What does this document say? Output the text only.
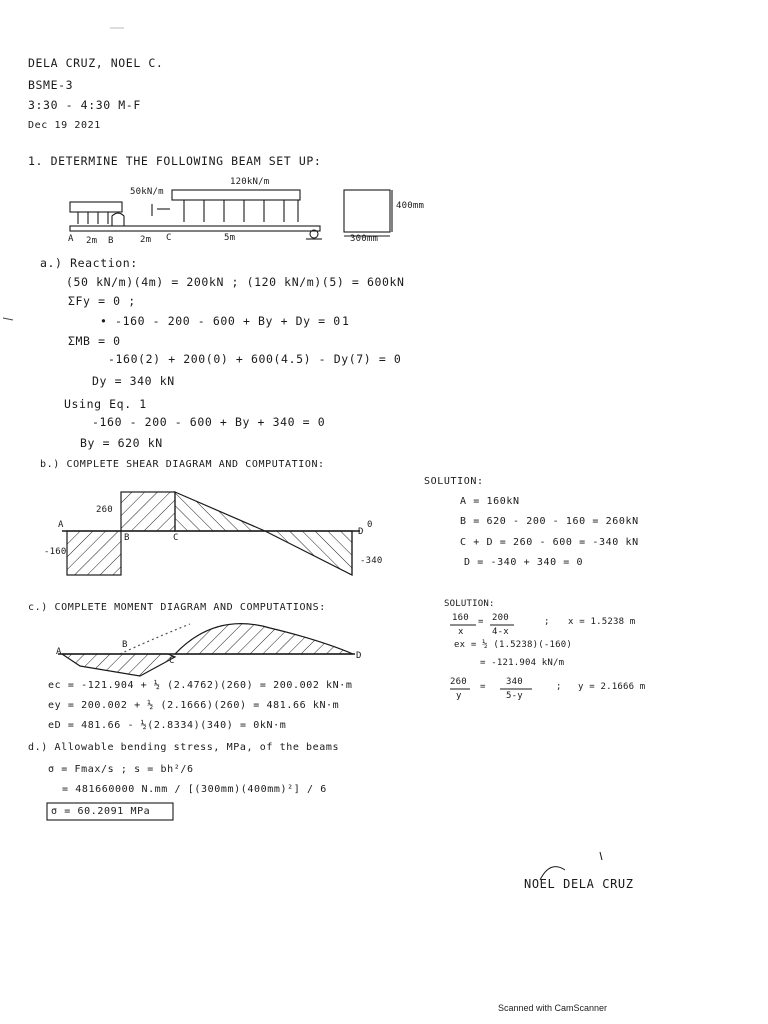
DELA CRUZ, NOEL C.
BSME-3
3:30 - 4:30 M-F
Dec 19 2021
1. DETERMINE THE FOLLOWING BEAM SET UP:
50kN/m
120kN/m
400mm
300mm
A 2m B	2m C	5m
a.) Reaction:
(50 kN/m)(4m) = 200kN ; (120 kN/m)(5) = 600kN
ΣFy = 0 ;
• -160 - 200 - 600 + By + Dy = 0 1
ΣMB = 0
-160(2) + 200(0) + 600(4.5) - Dy(7) = 0
Dy = 340 kN
Using Eq. 1
-160 - 200 - 600 + By + 340 = 0
By = 620 kN
b.) COMPLETE SHEAR DIAGRAM AND COMPUTATION:
260
A
-160
B	C
D
0
-340
SOLUTION:
A = 160kN
B = 620 - 200 - 160 = 260kN
C + D = 260 - 600 = -340 kN
D = -340 + 340 = 0
c.) COMPLETE MOMENT DIAGRAM AND COMPUTATIONS:
A
B
C	D
ec = -121.904 + ½ (2.4762)(260) = 200.002 kN·m
ey = 200.002 + ½ (2.1666)(260) = 481.66 kN·m
eD = 481.66 - ½(2.8334)(340) = 0kN·m
SOLUTION:
160
x
= 200
4-x
; x = 1.5238 m
ex = ½ (1.5238)(-160)
= -121.904 kN/m
260
y
= 340
5-y
; y = 2.1666 m
d.) Allowable bending stress, MPa, of the beams
σ = Fmax/s ; s = bh²/6
= 481660000 N.mm / [(300mm)(400mm)²] / 6
σ = 60.2091 MPa
NOEL DELA CRUZ
Scanned with CamScanner
